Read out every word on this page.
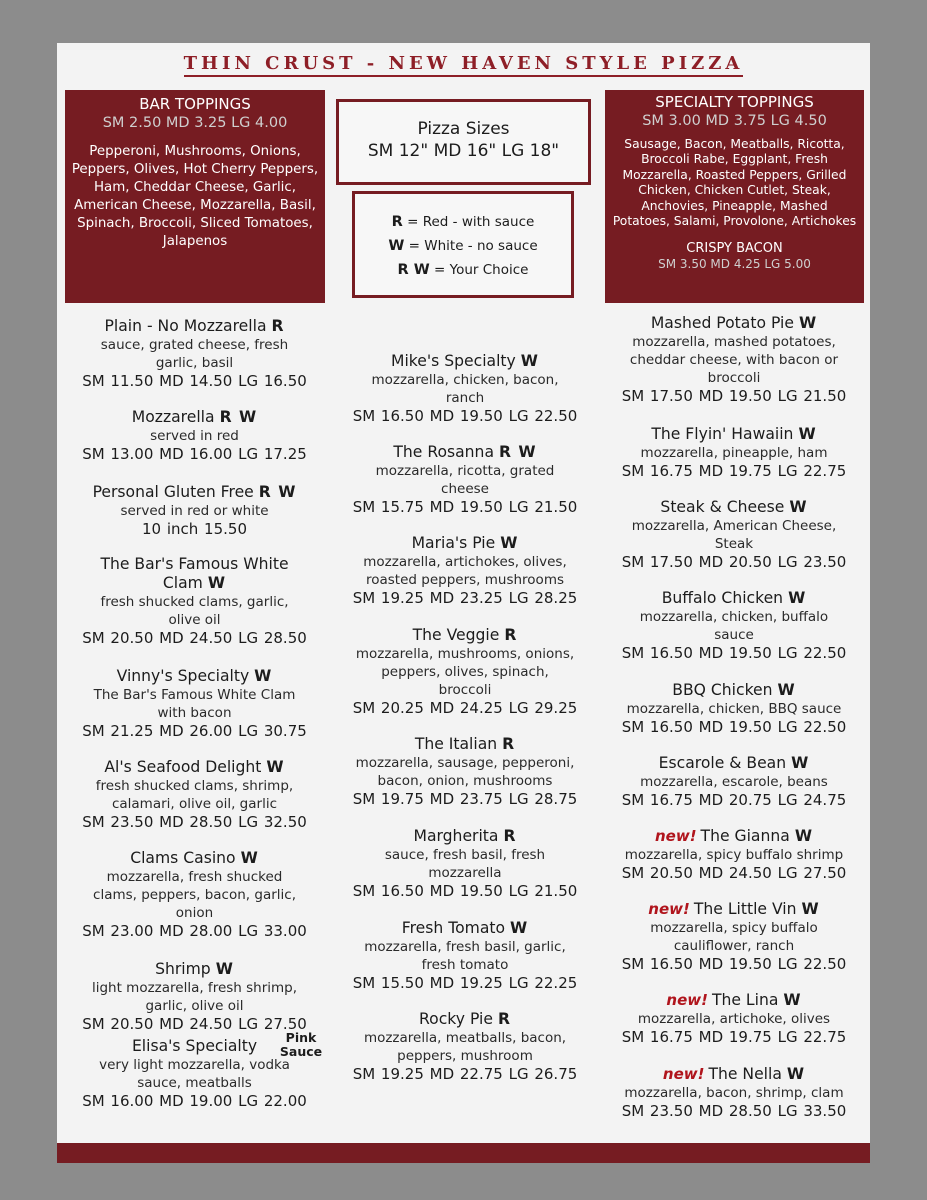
THIN CRUST - NEW HAVEN STYLE PIZZA
BAR TOPPINGS
SM 2.50 MD 3.25 LG 4.00
Pepperoni, Mushrooms, Onions, Peppers, Olives, Hot Cherry Peppers, Ham, Cheddar Cheese, Garlic, American Cheese, Mozzarella, Basil, Spinach, Broccoli, Sliced Tomatoes, Jalapenos
Pizza Sizes
SM 12" MD 16" LG 18"
R = Red - with sauce
W = White - no sauce
R W = Your Choice
SPECIALTY TOPPINGS
SM 3.00 MD 3.75 LG 4.50
Sausage, Bacon, Meatballs, Ricotta, Broccoli Rabe, Eggplant, Fresh Mozzarella, Roasted Peppers, Grilled Chicken, Chicken Cutlet, Steak, Anchovies, Pineapple, Mashed Potatoes, Salami, Provolone, Artichokes
CRISPY BACON
SM 3.50 MD 4.25 LG 5.00
Plain - No Mozzarella R
sauce, grated cheese, fresh
garlic, basil
SM 11.50 MD 14.50 LG 16.50
Mozzarella R W
served in red
SM 13.00 MD 16.00 LG 17.25
Personal Gluten Free R W
served in red or white
10 inch 15.50
The Bar's Famous White
Clam W
fresh shucked clams, garlic,
olive oil
SM 20.50 MD 24.50 LG 28.50
Vinny's Specialty W
The Bar's Famous White Clam
with bacon
SM 21.25 MD 26.00 LG 30.75
Al's Seafood Delight W
fresh shucked clams, shrimp,
calamari, olive oil, garlic
SM 23.50 MD 28.50 LG 32.50
Clams Casino W
mozzarella, fresh shucked
clams, peppers, bacon, garlic,
onion
SM 23.00 MD 28.00 LG 33.00
Shrimp W
light mozzarella, fresh shrimp,
garlic, olive oil
SM 20.50 MD 24.50 LG 27.50
Elisa's Specialty	Pink Sauce
very light mozzarella, vodka
sauce, meatballs
SM 16.00 MD 19.00 LG 22.00
Mike's Specialty W
mozzarella, chicken, bacon,
ranch
SM 16.50 MD 19.50 LG 22.50
The Rosanna R W
mozzarella, ricotta, grated
cheese
SM 15.75 MD 19.50 LG 21.50
Maria's Pie W
mozzarella, artichokes, olives,
roasted peppers, mushrooms
SM 19.25 MD 23.25 LG 28.25
The Veggie R
mozzarella, mushrooms, onions,
peppers, olives, spinach,
broccoli
SM 20.25 MD 24.25 LG 29.25
The Italian R
mozzarella, sausage, pepperoni,
bacon, onion, mushrooms
SM 19.75 MD 23.75 LG 28.75
Margherita R
sauce, fresh basil, fresh
mozzarella
SM 16.50 MD 19.50 LG 21.50
Fresh Tomato W
mozzarella, fresh basil, garlic,
fresh tomato
SM 15.50 MD 19.25 LG 22.25
Rocky Pie R
mozzarella, meatballs, bacon,
peppers, mushroom
SM 19.25 MD 22.75 LG 26.75
Mashed Potato Pie W
mozzarella, mashed potatoes,
cheddar cheese, with bacon or
broccoli
SM 17.50 MD 19.50 LG 21.50
The Flyin' Hawaiin W
mozzarella, pineapple, ham
SM 16.75 MD 19.75 LG 22.75
Steak & Cheese W
mozzarella, American Cheese,
Steak
SM 17.50 MD 20.50 LG 23.50
Buffalo Chicken W
mozzarella, chicken, buffalo
sauce
SM 16.50 MD 19.50 LG 22.50
BBQ Chicken W
mozzarella, chicken, BBQ sauce
SM 16.50 MD 19.50 LG 22.50
Escarole & Bean W
mozzarella, escarole, beans
SM 16.75 MD 20.75 LG 24.75
new! The Gianna W
mozzarella, spicy buffalo shrimp
SM 20.50 MD 24.50 LG 27.50
new! The Little Vin W
mozzarella, spicy buffalo
cauliflower, ranch
SM 16.50 MD 19.50 LG 22.50
new! The Lina W
mozzarella, artichoke, olives
SM 16.75 MD 19.75 LG 22.75
new! The Nella W
mozzarella, bacon, shrimp, clam
SM 23.50 MD 28.50 LG 33.50
